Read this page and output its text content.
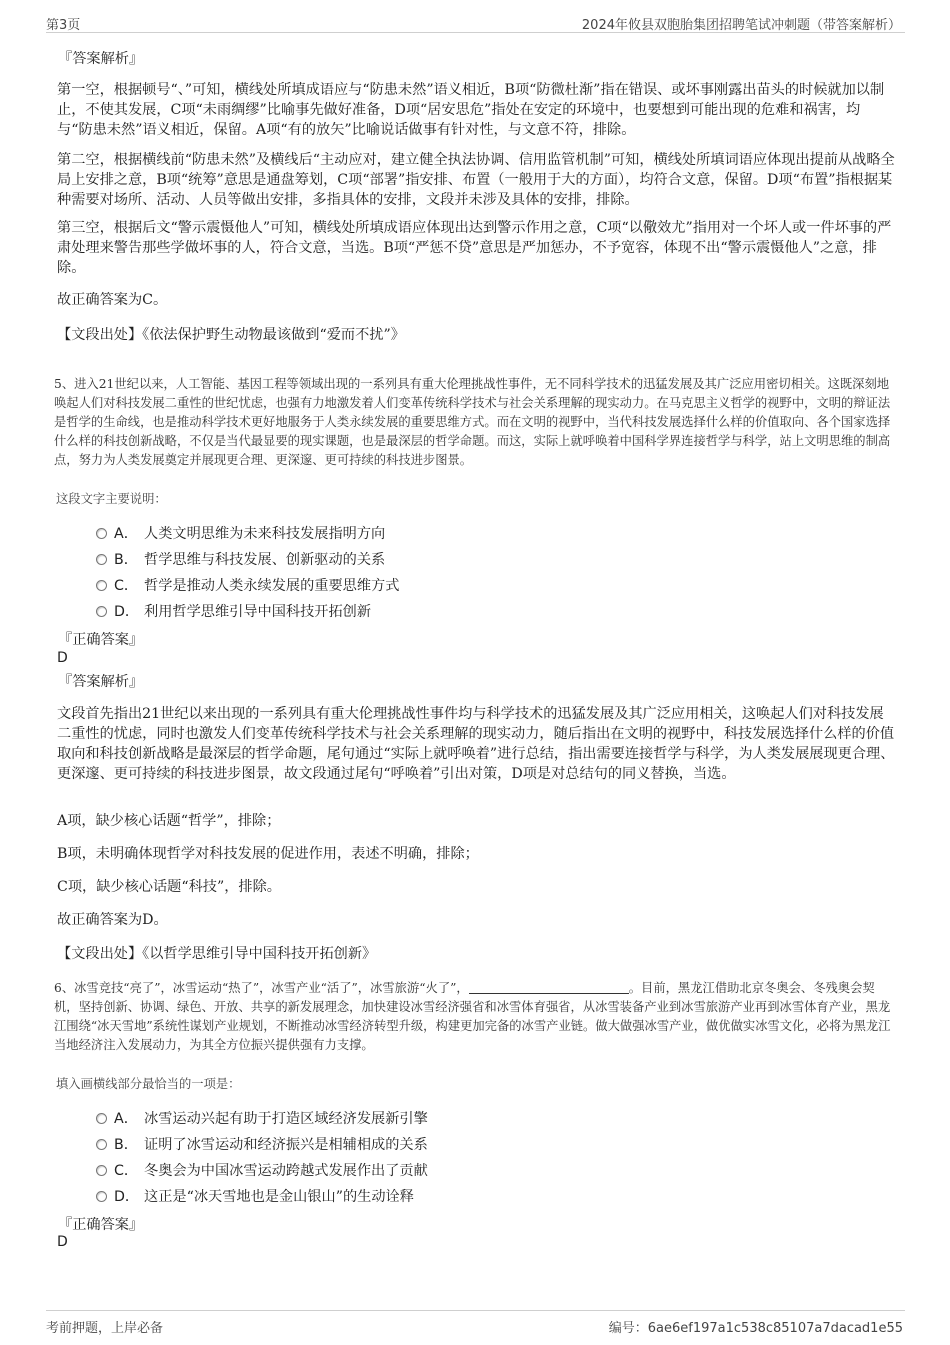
第3页	2024年攸县双胞胎集团招聘笔试冲刺题（带答案解析）
『答案解析』
第一空，根据顿号“、”可知，横线处所填成语应与“防患未然”语义相近，B项“防微杜渐”指在错误、或坏事刚露出苗头的时候就加以制止，不使其发展，C项“未雨绸缪”比喻事先做好准备，D项“居安思危”指处在安定的环境中，也要想到可能出现的危难和祸害，均与“防患未然”语义相近，保留。A项“有的放矢”比喻说话做事有针对性，与文意不符，排除。
第二空，根据横线前“防患未然”及横线后“主动应对，建立健全执法协调、信用监管机制”可知，横线处所填词语应体现出提前从战略全局上安排之意，B项“统筹”意思是通盘筹划，C项“部署”指安排、布置（一般用于大的方面），均符合文意，保留。D项“布置”指根据某种需要对场所、活动、人员等做出安排，多指具体的安排，文段并未涉及具体的安排，排除。
第三空，根据后文“警示震慑他人”可知，横线处所填成语应体现出达到警示作用之意，C项“以儆效尤”指用对一个坏人或一件坏事的严肃处理来警告那些学做坏事的人，符合文意，当选。B项“严惩不贷”意思是严加惩办，不予宽容，体现不出“警示震慑他人”之意，排除。
故正确答案为C。
【文段出处】《依法保护野生动物最该做到“爱而不扰”》
5、进入21世纪以来，人工智能、基因工程等领域出现的一系列具有重大伦理挑战性事件，无不同科学技术的迅猛发展及其广泛应用密切相关。这既深刻地唤起人们对科技发展二重性的世纪忧虑，也强有力地激发着人们变革传统科学技术与社会关系理解的现实动力。在马克思主义哲学的视野中，文明的辩证法是哲学的生命线，也是推动科学技术更好地服务于人类永续发展的重要思维方式。而在文明的视野中，当代科技发展选择什么样的价值取向、各个国家选择什么样的科技创新战略，不仅是当代最显要的现实课题，也是最深层的哲学命题。而这，实际上就呼唤着中国科学界连接哲学与科学，站上文明思维的制高点，努力为人类发展奠定并展现更合理、更深邃、更可持续的科技进步图景。
这段文字主要说明：
A． 人类文明思维为未来科技发展指明方向
B． 哲学思维与科技发展、创新驱动的关系
C． 哲学是推动人类永续发展的重要思维方式
D． 利用哲学思维引导中国科技开拓创新
『正确答案』
D
『答案解析』
文段首先指出21世纪以来出现的一系列具有重大伦理挑战性事件均与科学技术的迅猛发展及其广泛应用相关，这唤起人们对科技发展二重性的忧虑，同时也激发人们变革传统科学技术与社会关系理解的现实动力，随后指出在文明的视野中，科技发展选择什么样的价值取向和科技创新战略是最深层的哲学命题，尾句通过“实际上就呼唤着”进行总结，指出需要连接哲学与科学，为人类发展展现更合理、更深邃、更可持续的科技进步图景，故文段通过尾句“呼唤着”引出对策，D项是对总结句的同义替换，当选。
A项，缺少核心话题“哲学”，排除；
B项，未明确体现哲学对科技发展的促进作用，表述不明确，排除；
C项，缺少核心话题“科技”，排除。
故正确答案为D。
【文段出处】《以哲学思维引导中国科技开拓创新》
6、冰雪竞技“亮了”，冰雪运动“热了”，冰雪产业“活了”，冰雪旅游“火了”，	。目前，黑龙江借助北京冬奥会、冬残奥会契机，坚持创新、协调、绿色、开放、共享的新发展理念，加快建设冰雪经济强省和冰雪体育强省，从冰雪装备产业到冰雪旅游产业再到冰雪体育产业，黑龙江围绕“冰天雪地”系统性谋划产业规划，不断推动冰雪经济转型升级，构建更加完备的冰雪产业链。做大做强冰雪产业，做优做实冰雪文化，必将为黑龙江当地经济注入发展动力，为其全方位振兴提供强有力支撑。
填入画横线部分最恰当的一项是：
A． 冰雪运动兴起有助于打造区域经济发展新引擎
B． 证明了冰雪运动和经济振兴是相辅相成的关系
C． 冬奥会为中国冰雪运动跨越式发展作出了贡献
D． 这正是“冰天雪地也是金山银山”的生动诠释
『正确答案』
D
考前押题，上岸必备	编号：6ae6ef197a1c538c85107a7dacad1e55
